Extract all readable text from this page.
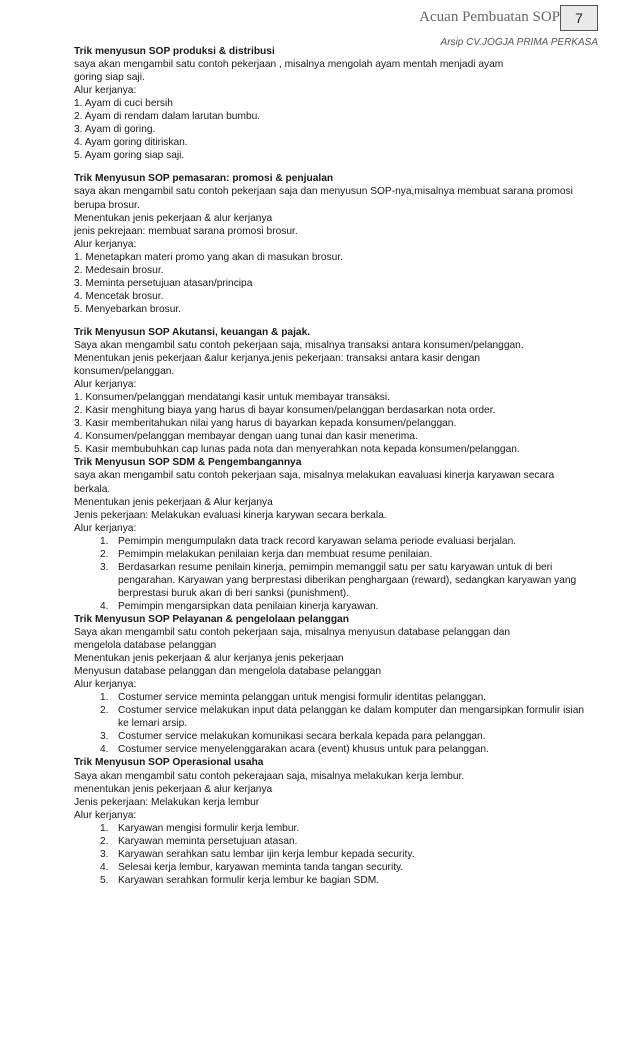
Acuan Pembuatan SOP	7
Arsip CV.JOGJA PRIMA PERKASA
Trik menyusun SOP produksi & distribusi
saya akan mengambil satu contoh pekerjaan , misalnya mengolah ayam mentah menjadi ayam
goring siap saji.
Alur kerjanya:
1. Ayam di cuci bersih
2. Ayam di rendam dalam larutan bumbu.
3. Ayam di goring.
4. Ayam goring ditiriskan.
5. Ayam goring siap saji.
Trik Menyusun SOP pemasaran: promosi & penjualan
saya akan mengambil satu contoh pekerjaan saja dan menyusun SOP-nya,misalnya membuat sarana promosi
berupa brosur.
Menentukan jenis pekerjaan & alur kerjanya
jenis pekrejaan: membuat sarana promosi brosur.
Alur kerjanya:
1. Menetapkan materi promo yang akan di masukan brosur.
2. Medesain brosur.
3. Meminta persetujuan atasan/principa
4. Mencetak brosur.
5. Menyebarkan brosur.
Trik Menyusun SOP Akutansi, keuangan & pajak.
Saya akan mengambil satu contoh pekerjaan saja, misalnya transaksi antara konsumen/pelanggan.
Menentukan jenis pekerjaan &alur kerjanya.jenis pekerjaan: transaksi antara kasir dengan
konsumen/pelanggan.
Alur kerjanya:
1. Konsumen/pelanggan mendatangi kasir untuk membayar transaksi.
2. Kasir menghitung biaya yang harus di bayar konsumen/pelanggan berdasarkan nota order.
3. Kasir memberitahukan nilai yang harus di bayarkan kepada konsumen/pelanggan.
4. Konsumen/pelanggan membayar dengan uang tunai dan kasir menerima.
5. Kasir membubuhkan cap lunas pada nota dan menyerahkan nota kepada konsumen/pelanggan.
Trik Menyusun SOP SDM & Pengembangannya
saya akan mengambil satu contoh pekerjaan saja, misalnya melakukan eavaluasi kinerja karyawan secara
berkala.
Menentukan jenis pekerjaan & Alur kerjanya
Jenis pekerjaan: Melakukan evaluasi kinerja karywan secara berkala.
Alur kerjanya:
1. Pemimpin mengumpulakn data track record karyawan selama periode evaluasi berjalan.
2. Pemimpin melakukan penilaian kerja dan membuat resume penilaian.
3. Berdasarkan resume penilain kinerja, pemimpin memanggil satu per satu karyawan untuk di beri pengarahan. Karyawan yang berprestasi diberikan penghargaan (reward), sedangkan karyawan yang berprestasi buruk akan di beri sanksi (punishment).
4. Pemimpin mengarsipkan data penilaian kinerja karyawan.
Trik Menyusun SOP Pelayanan & pengelolaan pelanggan
Saya akan mengambil satu contoh pekerjaan saja, misalnya menyusun database pelanggan dan
mengelola database pelanggan
Menentukan jenis pekerjaan & alur kerjanya jenis pekerjaan
Menyusun database pelanggan dan mengelola database pelanggan
Alur kerjanya:
1. Costumer service meminta pelanggan untuk mengisi formulir identitas pelanggan.
2. Costumer service melakukan input data pelanggan ke dalam komputer dan mengarsipkan formulir isian ke lemari arsip.
3. Costumer service melakukan komunikasi secara berkala kepada para pelanggan.
4. Costumer service menyelenggarakan acara (event) khusus untuk para pelanggan.
Trik Menyusun SOP Operasional usaha
Saya akan mengambil satu contoh pekerajaan saja, misalnya melakukan kerja lembur.
menentukan jenis pekerjaan & alur kerjanya
Jenis pekerjaan: Melakukan kerja lembur
Alur kerjanya:
1. Karyawan mengisi formulir kerja lembur.
2. Karyawan meminta persetujuan atasan.
3. Karyawan serahkan satu lembar ijin kerja lembur kepada security.
4. Selesai kerja lembur, karyawan meminta tanda tangan security.
5. Karyawan serahkan formulir kerja lembur ke bagian SDM.
